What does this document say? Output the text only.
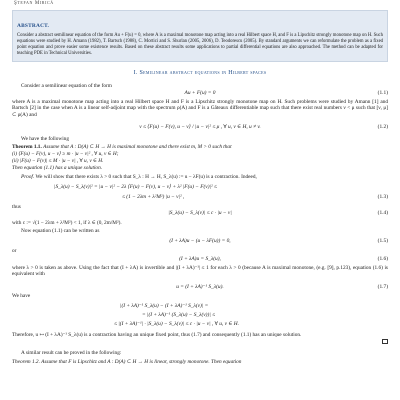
Ştefan Mirică
ABSTRACT.
Consider a abstract semilinear equation of the form Au + F(u) = 0, where A is a maximal monotone map acting into a real Hilbert space H, and F is a Lipschitz strongly monotone map on H. Such equations were studied by H. Amann (1982), T. Bartsch (1988), C. Mortici and S. Shurlan (2005, 2006), D. Teodorescu (2005). By standard arguments we can reformulate the problem as a fixed point equation and prove easier some existence results. Based on these abstract results some applications to partial differential equations are also approached. The method can be adapted for teaching PDE in Technical Universities.
I. Semilinear abstract equations in Hilbert spaces

Consider a semilinear equation of the form

Au + F(u) = 0	(1.1)

where A is a maximal monotone map acting into a real Hilbert space H and F is a Lipschitz strongly monotone map on H. Such problems were studied by Amann [1] and Bartsch [2] in the case when A is a linear self-adjoint map with the spectrum ρ(A) and F is a Gâteaux differentiable map such that there exist real numbers ν < μ such that [ν, μ] ⊂ ρ(A) and

ν ≤ ⟨F(u) − F(v), u − v⟩ / |u − v|² ≤ μ , ∀ u, v ∈ H, u ≠ v.	(1.2)

We have the following

Theorem 1.1. Assume that A : D(A) ⊂ H → H is maximal monotone and there exist m, M > 0 such that

(i) ⟨F(u) − F(v), u − v⟩ ≥ m · |u − v|² , ∀ u, v ∈ H;

(ii) |F(u) − F(v)| ≤ M · |u − v| , ∀ u, v ∈ H.

Then equation (1.1) has a unique solution.

Proof. We will show that there exists λ > 0 such that S_λ : H → H, S_λ(u) := u − λF(u) is a contraction. Indeed,

|S_λ(u) − S_λ(v)|² = |u − v|² − 2λ ⟨F(u) − F(v), u − v⟩ + λ² |F(u) − F(v)|² ≤
≤ (1 − 2λm + λ²M²) |u − v|² ,	(1.3)

thus

|S_λ(u) − S_λ(v)| ≤ c · |u − v|	(1.4)

with c := √(1 − 2λm + λ²M²) < 1, if λ ∈ (0, 2m/M²).

Now equation (1.1) can be written as

(I + λA)u − (u − λF(u)) = 0,	(1.5)

or

(I + λA)u = S_λ(u),	(1.6)

where λ > 0 is taken as above. Using the fact that (I + λA) is invertible and |(I + λA)⁻¹| ≤ 1 for each λ > 0 (because A is maximal monotone, (e.g. [9], p.123), equation (1.6) is equivalent with

u = (I + λA)⁻¹ S_λ(u).	(1.7)

We have

|(I + λA)⁻¹ S_λ(u) − (I + λA)⁻¹ S_λ(v)| =
= |(I + λA)⁻¹ (S_λ(u) − S_λ(v))| ≤
≤ |(I + λA)⁻¹| · |S_λ(u) − S_λ(v)| ≤ c · |u − v| , ∀ u, v ∈ H.

Therefore, u ↦ (I + λA)⁻¹ S_λ(u) is a contraction having an unique fixed point, thus (1.7) and consequently (1.1) has an unique solution.

A similar result can be proved in the following:

Theorem 1.2. Assume that F is Lipschitz and A : D(A) ⊂ H → H is linear, strongly monotone. Then equation
